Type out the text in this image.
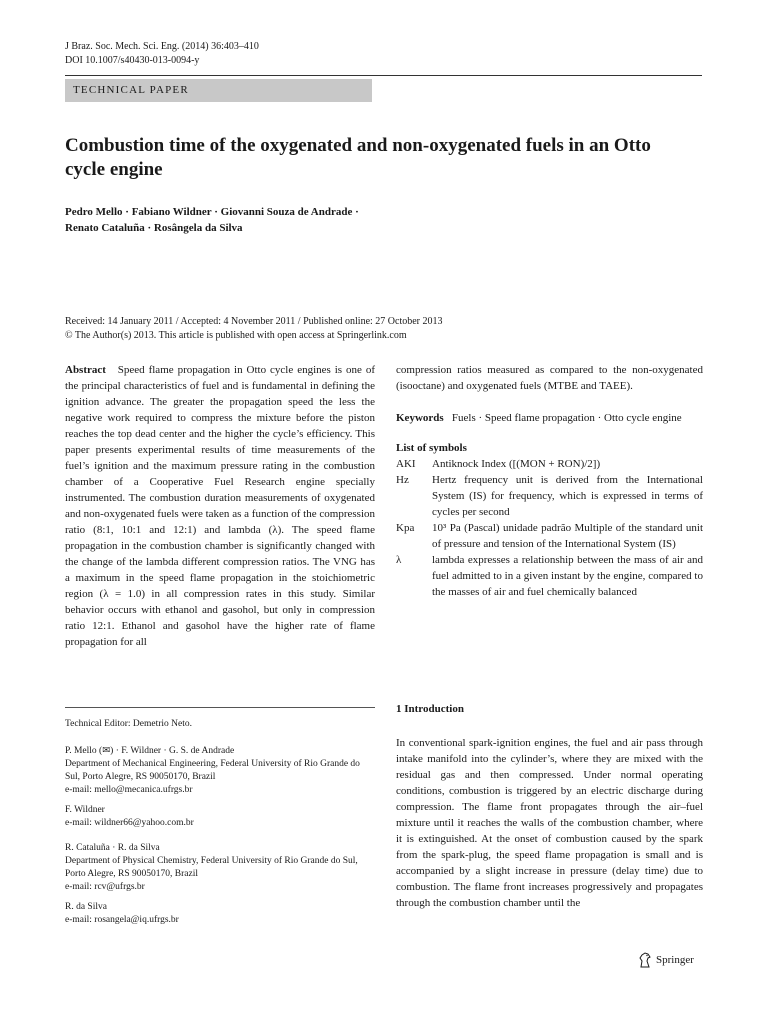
J Braz. Soc. Mech. Sci. Eng. (2014) 36:403–410
DOI 10.1007/s40430-013-0094-y
TECHNICAL PAPER
Combustion time of the oxygenated and non-oxygenated fuels in an Otto cycle engine
Pedro Mello · Fabiano Wildner · Giovanni Souza de Andrade ·
Renato Cataluña · Rosângela da Silva
Received: 14 January 2011 / Accepted: 4 November 2011 / Published online: 27 October 2013
© The Author(s) 2013. This article is published with open access at Springerlink.com

Abstract Speed flame propagation in Otto cycle engines is one of the principal characteristics of fuel and is fundamental in defining the ignition advance. The greater the propagation speed the less the negative work required to compress the mixture before the piston reaches the top dead center and the higher the cycle’s efficiency. This paper presents experimental results of time measurements of the fuel’s ignition and the maximum pressure rating in the combustion chamber of a Cooperative Fuel Research engine specially instrumented. The combustion duration measurements of oxygenated and non-oxygenated fuels were taken as a function of the compression ratio (8:1, 10:1 and 12:1) and lambda (λ). The speed flame propagation in the combustion chamber is significantly changed with the change of the lambda different compression ratios. The VNG has a maximum in the speed flame propagation in the stoichiometric region (λ = 1.0) in all compression rates in this study. Similar behavior occurs with ethanol and gasohol, but only in compression ratio 12:1. Ethanol and gasohol have the higher rate of flame propagation for all

compression ratios measured as compared to the non-oxygenated (isooctane) and oxygenated fuels (MTBE and TAEE).

Keywords Fuels · Speed flame propagation · Otto cycle engine

List of symbols
AKI	Antiknock Index ([(MON + RON)/2])
Hz	Hertz frequency unit is derived from the International System (IS) for frequency, which is expressed in terms of cycles per second
Kpa	10³ Pa (Pascal) unidade padrão Multiple of the standard unit of pressure and tension of the International System (IS)
λ	lambda expresses a relationship between the mass of air and fuel admitted to in a given instant by the engine, compared to the masses of air and fuel chemically balanced
Technical Editor: Demetrio Neto.
P. Mello (✉) · F. Wildner · G. S. de Andrade
Department of Mechanical Engineering, Federal University of Rio Grande do Sul, Porto Alegre, RS 90050170, Brazil
e-mail: mello@mecanica.ufrgs.br
F. Wildner
e-mail: wildner66@yahoo.com.br
R. Cataluña · R. da Silva
Department of Physical Chemistry, Federal University of Rio Grande do Sul, Porto Alegre, RS 90050170, Brazil
e-mail: rcv@ufrgs.br
R. da Silva
e-mail: rosangela@iq.ufrgs.br
1 Introduction
In conventional spark-ignition engines, the fuel and air pass through intake manifold into the cylinder’s, where they are mixed with the residual gas and then compressed. Under normal operating conditions, combustion is triggered by an electric discharge during compression. The flame front propagates through the air–fuel mixture until it reaches the walls of the combustion chamber, where it is extinguished. At the onset of combustion caused by the spark from the spark-plug, the speed flame propagation is small and is accompanied by a slight increase in pressure (delay time) due to combustion. The flame front increases progressively and propagates through the combustion chamber until the
Springer
